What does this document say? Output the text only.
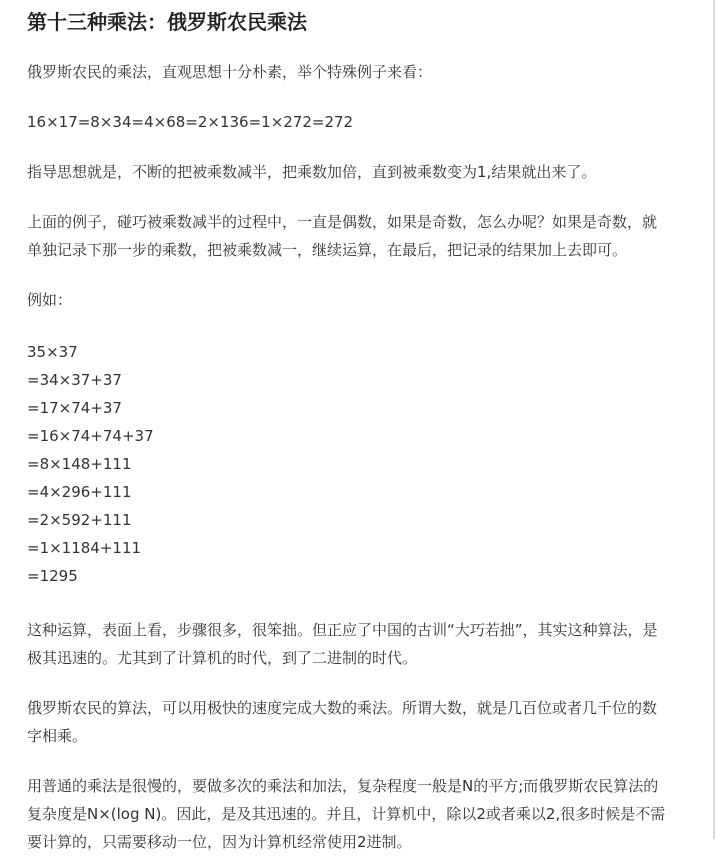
第十三种乘法：俄罗斯农民乘法

俄罗斯农民的乘法，直观思想十分朴素，举个特殊例子来看：

16×17=8×34=4×68=2×136=1×272=272

指导思想就是，不断的把被乘数减半，把乘数加倍，直到被乘数变为1,结果就出来了。

上面的例子，碰巧被乘数减半的过程中，一直是偶数，如果是奇数，怎么办呢？如果是奇数，就

单独记录下那一步的乘数，把被乘数减一，继续运算，在最后，把记录的结果加上去即可。

例如：

35×37

=34×37+37

=17×74+37

=16×74+74+37

=8×148+111

=4×296+111

=2×592+111

=1×1184+111

=1295

这种运算，表面上看，步骤很多，很笨拙。但正应了中国的古训“大巧若拙”，其实这种算法，是

极其迅速的。尤其到了计算机的时代，到了二进制的时代。

俄罗斯农民的算法，可以用极快的速度完成大数的乘法。所谓大数，就是几百位或者几千位的数

字相乘。

用普通的乘法是很慢的，要做多次的乘法和加法，复杂程度一般是N的平方;而俄罗斯农民算法的

复杂度是N×(log N)。因此，是及其迅速的。并且，计算机中，除以2或者乘以2,很多时候是不需

要计算的，只需要移动一位，因为计算机经常使用2进制。
